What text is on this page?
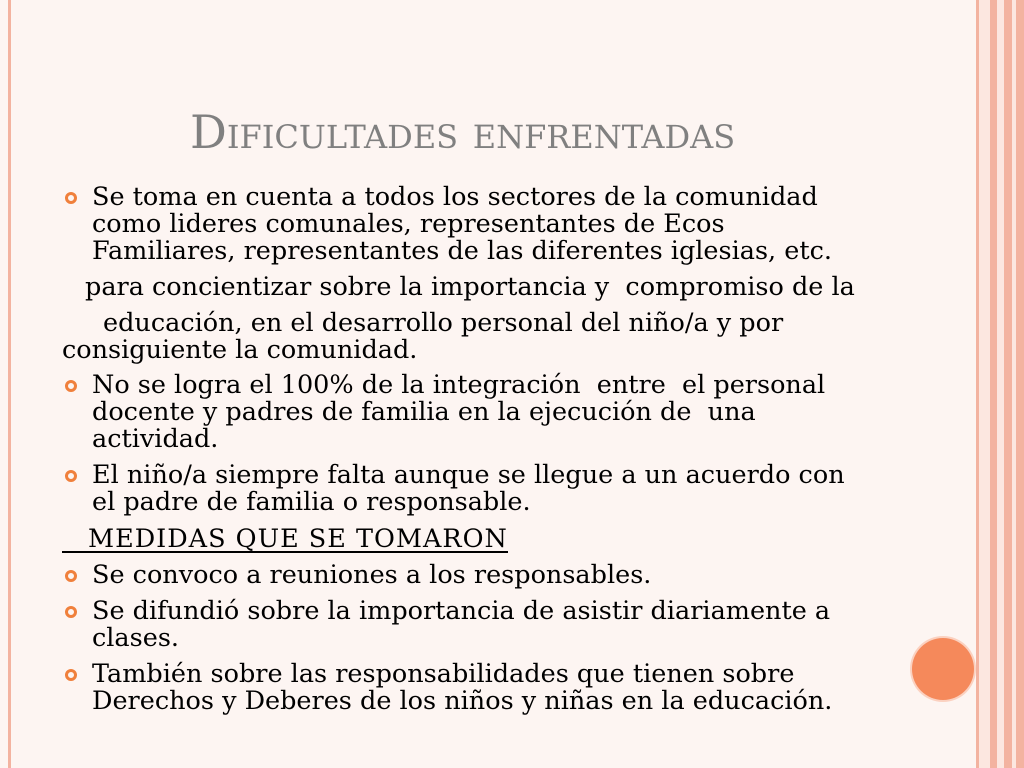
Dificultades enfrentadas
Se toma en cuenta a todos los sectores de la comunidad
como lideres comunales, representantes de Ecos
Familiares, representantes de las diferentes iglesias, etc.
para concientizar sobre la importancia y  compromiso de la
educación, en el desarrollo personal del niño/a y por
consiguiente la comunidad.
No se logra el 100% de la integración  entre  el personal
docente y padres de familia en la ejecución de  una
actividad.
El niño/a siempre falta aunque se llegue a un acuerdo con
el padre de familia o responsable.
MEDIDAS QUE SE TOMARON
Se convoco a reuniones a los responsables.
Se difundió sobre la importancia de asistir diariamente a
clases.
También sobre las responsabilidades que tienen sobre
Derechos y Deberes de los niños y niñas en la educación.
